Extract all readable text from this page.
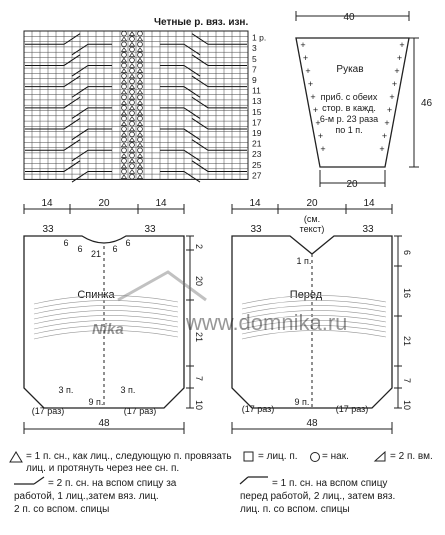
Четные р. вяз. изн.
27
25
23
21
19
17
15
13
11
9
7
5
3
1 р.
40
Рукав
приб. с обеих
стор. в кажд.
6-м р. 23 раза
по 1 п.
+	+
+	+
+	+
+	+
+	+
+	+
+	+
+	+
+	+
46
20
14	20	14
33	33
6
6 21 6
6
Спинка
2
20
21
7
10
3 п.
(17 раз)
9 п.
3 п.
(17 раз)
48
14	20	14
33	33
(см.
текст)
1 п.
Перед
6
16
21
7
10
(17 раз)
9 п.
(17 раз)
48
Nika	www.domnika.ru
= 1 п. сн., как лиц., следующую п. провязать лиц. и протянуть через нее сн. п.
= лиц. п. = нак.	= 2 п. вм.
= 2 п. сн. на вспом спицу за
работой, 1 лиц.,затем вяз. лиц.
2 п. со вспом. спицы
= 1 п. сн. на вспом спицу
перед работой, 2 лиц., затем вяз.
лиц. п. со вспом. спицы
